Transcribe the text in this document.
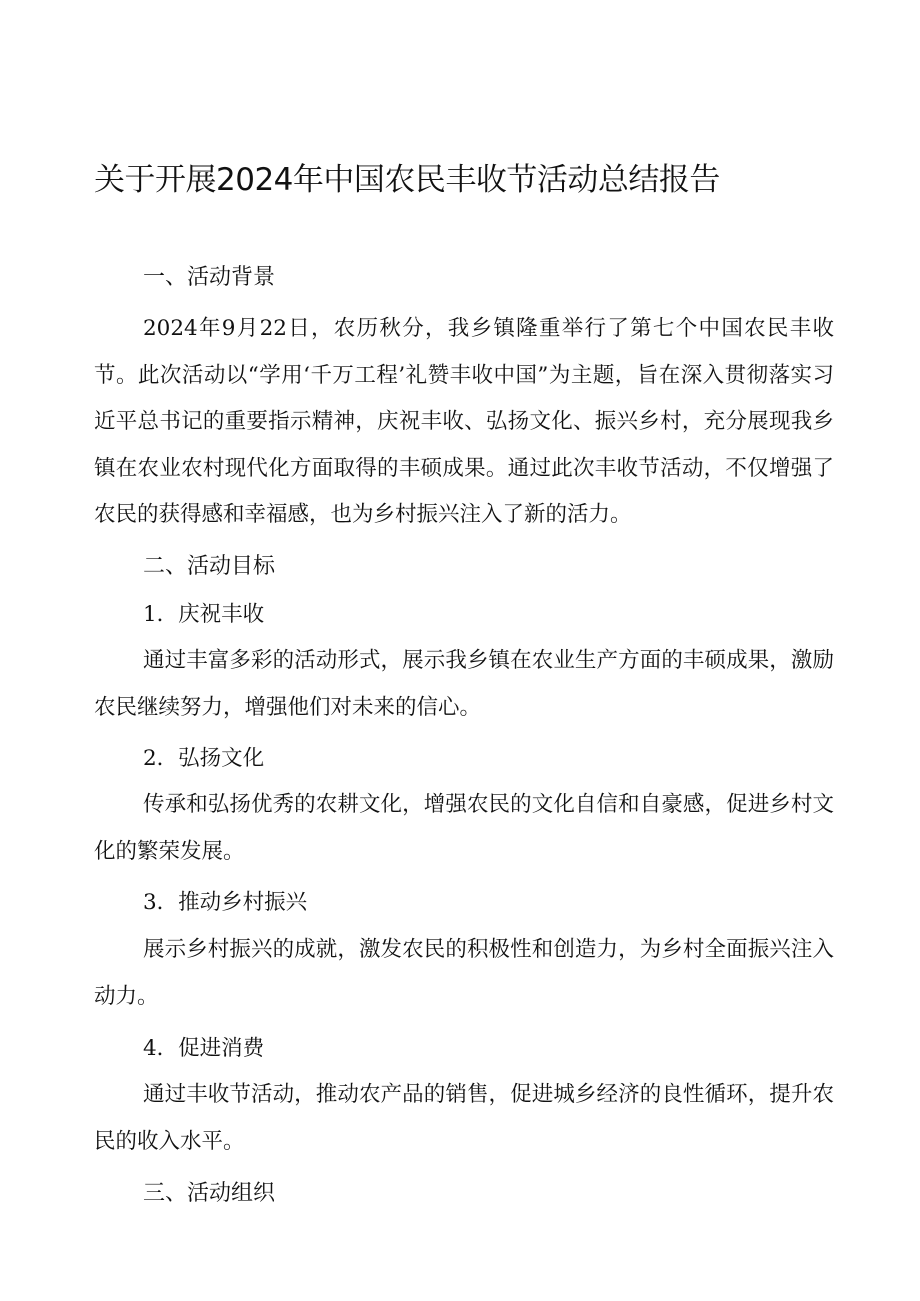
关于开展2024年中国农民丰收节活动总结报告
一、活动背景

2024年9月22日，农历秋分，我乡镇隆重举行了第七个中国农民丰收节。此次活动以“学用‘千万工程’礼赞丰收中国”为主题，旨在深入贯彻落实习近平总书记的重要指示精神，庆祝丰收、弘扬文化、振兴乡村，充分展现我乡镇在农业农村现代化方面取得的丰硕成果。通过此次丰收节活动，不仅增强了农民的获得感和幸福感，也为乡村振兴注入了新的活力。

二、活动目标

1．庆祝丰收

通过丰富多彩的活动形式，展示我乡镇在农业生产方面的丰硕成果，激励农民继续努力，增强他们对未来的信心。

2．弘扬文化

传承和弘扬优秀的农耕文化，增强农民的文化自信和自豪感，促进乡村文化的繁荣发展。

3．推动乡村振兴

展示乡村振兴的成就，激发农民的积极性和创造力，为乡村全面振兴注入动力。

4．促进消费

通过丰收节活动，推动农产品的销售，促进城乡经济的良性循环，提升农民的收入水平。

三、活动组织
